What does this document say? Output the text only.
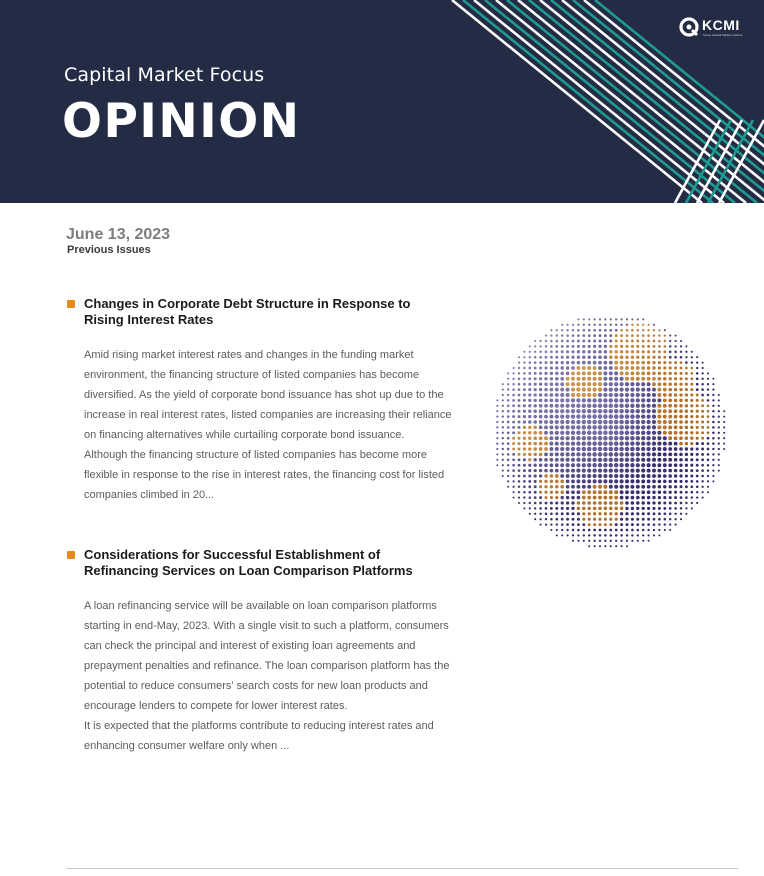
Capital Market Focus
OPINION
KCMI
Korea Capital Market Institute
June 13, 2023
Previous Issues
Changes in Corporate Debt Structure in Response to
Rising Interest Rates

Amid rising market interest rates and changes in the funding market environment, the financing structure of listed companies has become diversified. As the yield of corporate bond issuance has shot up due to the increase in real interest rates, listed companies are increasing their reliance on financing alternatives while curtailing corporate bond issuance.

Although the financing structure of listed companies has become more flexible in response to the rise in interest rates, the financing cost for listed companies climbed in 20...

Considerations for Successful Establishment of
Refinancing Services on Loan Comparison Platforms

A loan refinancing service will be available on loan comparison platforms starting in end-May, 2023. With a single visit to such a platform, consumers can check the principal and interest of existing loan agreements and prepayment penalties and refinance. The loan comparison platform has the potential to reduce consumers' search costs for new loan products and encourage lenders to compete for lower interest rates.

It is expected that the platforms contribute to reducing interest rates and enhancing consumer welfare only when ...
